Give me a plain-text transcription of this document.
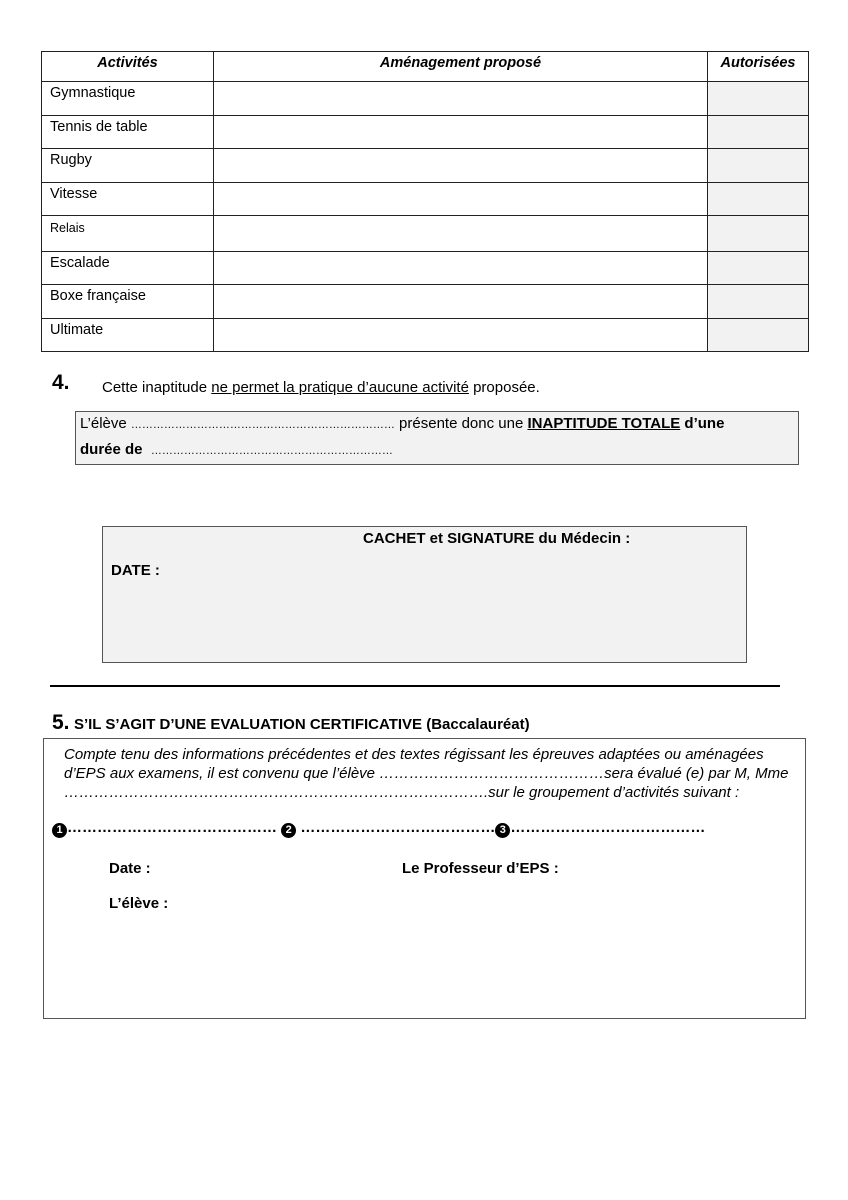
Activités	Aménagement proposé	Autorisées
Gymnastique		
Tennis de table		
Rugby		
Vitesse		
Relais		
Escalade		
Boxe française		
Ultimate		
4. Cette inaptitude ne permet la pratique d’aucune activité proposée.
L’élève ……………………………………………………………… présente donc une INAPTITUDE TOTALE d’une
durée de …………………………………………………………
CACHET et SIGNATURE du Médecin :
DATE :
5. S’IL S’AGIT D’UNE EVALUATION CERTIFICATIVE (Baccalauréat)
Compte tenu des informations précédentes et des textes régissant les épreuves adaptées ou aménagées d’EPS aux examens, il est convenu que l’élève ………………………………………sera évalué (e) par M, Mme ………………………………………………………………………….sur le groupement d’activités suivant :
1 …………………………………… 2 ………………………………… 3 …………………………………
Date :	Le Professeur d’EPS :
L’élève :
